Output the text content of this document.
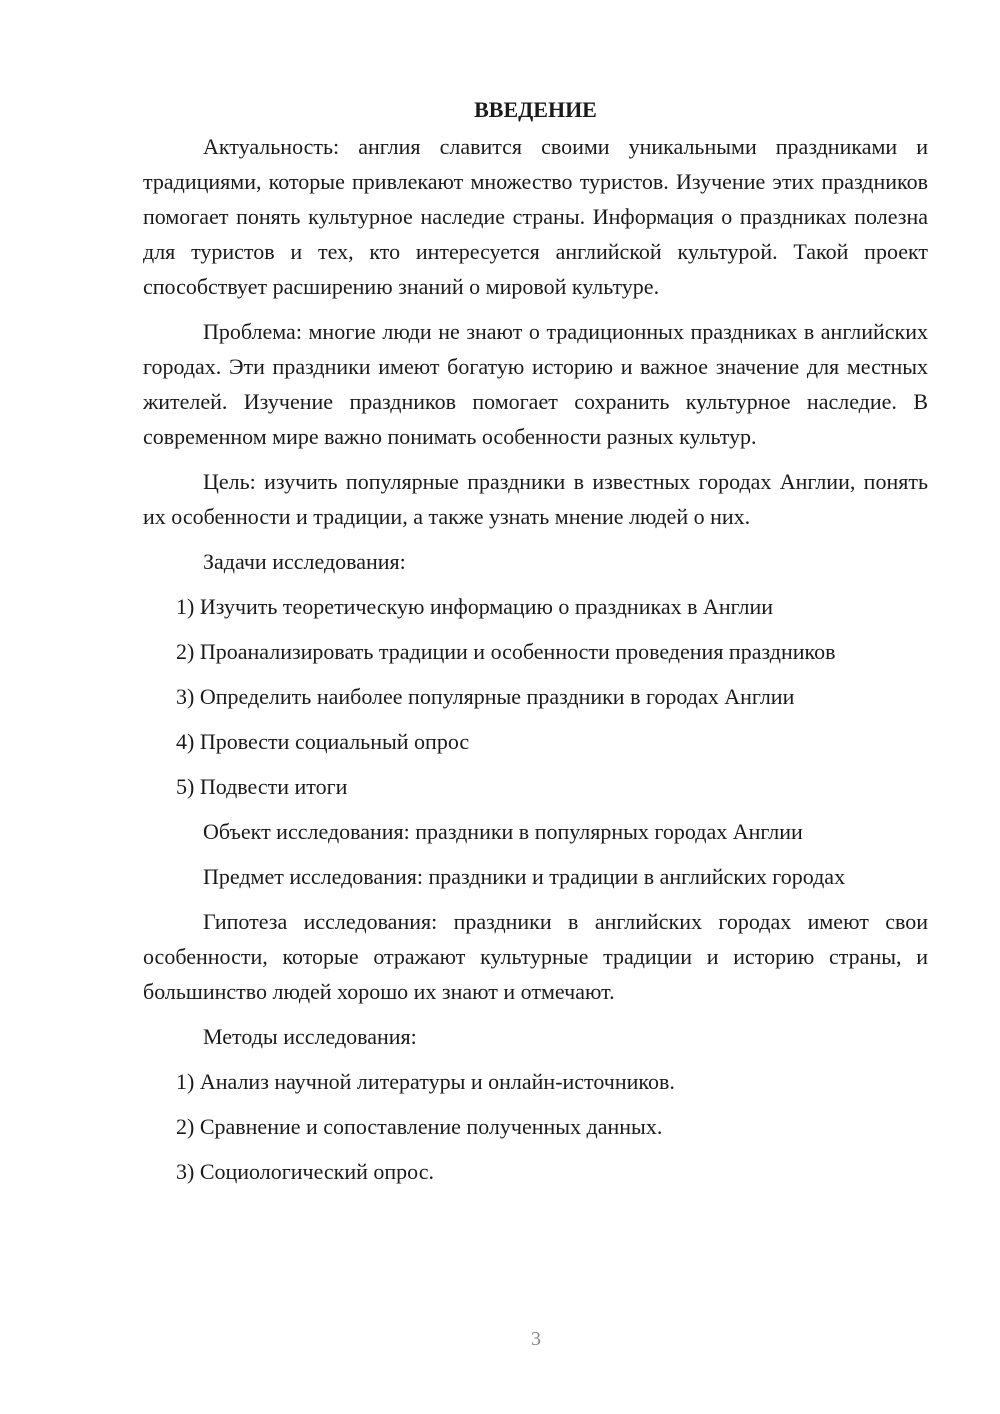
ВВЕДЕНИЕ

Актуальность: англия славится своими уникальными праздниками и традициями, которые привлекают множество туристов. Изучение этих праздников помогает понять культурное наследие страны. Информация о праздниках полезна для туристов и тех, кто интересуется английской культурой. Такой проект способствует расширению знаний о мировой культуре.

Проблема: многие люди не знают о традиционных праздниках в английских городах. Эти праздники имеют богатую историю и важное значение для местных жителей. Изучение праздников помогает сохранить культурное наследие. В современном мире важно понимать особенности разных культур.

Цель: изучить популярные праздники в известных городах Англии, понять их особенности и традиции, а также узнать мнение людей о них.

Задачи исследования:

1) Изучить теоретическую информацию о праздниках в Англии

2) Проанализировать традиции и особенности проведения праздников

3) Определить наиболее популярные праздники в городах Англии

4) Провести социальный опрос

5) Подвести итоги

Объект исследования: праздники в популярных городах Англии

Предмет исследования: праздники и традиции в английских городах

Гипотеза исследования: праздники в английских городах имеют свои особенности, которые отражают культурные традиции и историю страны, и большинство людей хорошо их знают и отмечают.

Методы исследования:

1) Анализ научной литературы и онлайн-источников.

2) Сравнение и сопоставление полученных данных.

3) Социологический опрос.

3
